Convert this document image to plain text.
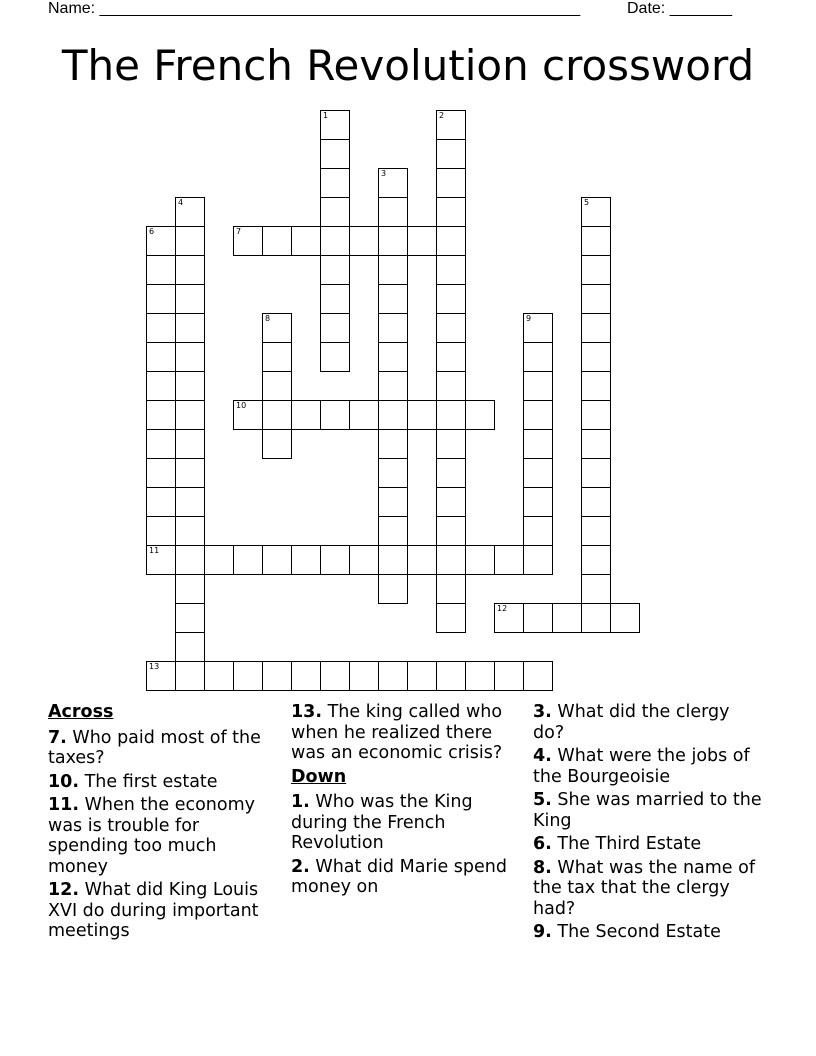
Name: ______________________________________________________	Date: _______
The French Revolution crossword
7
10
11
12
13
1	2
3
4	5
6
8	9
Across
7. Who paid most of the taxes?
10. The first estate
11. When the economy was is trouble for spending too much money
12. What did King Louis XVI do during important meetings
13. The king called who when he realized there was an economic crisis?
Down
1. Who was the King during the French Revolution
2. What did Marie spend money on
3. What did the clergy do?
4. What were the jobs of the Bourgeoisie
5. She was married to the King
6. The Third Estate
8. What was the name of the tax that the clergy had?
9. The Second Estate
